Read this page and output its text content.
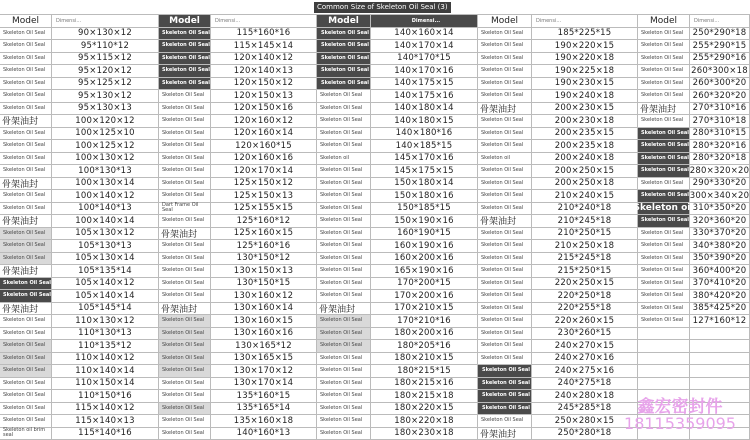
Common Size of Skeleton Oil Seal (3)
Model	Dimensi...	Model	Dimensi...	Model	Dimensi...	Model	Dimensi...	Model	Dimensi...
Skeleton Oil Seal	90×130×12	Skeleton Oil Seal	115*160*16	Skeleton Oil Seal	140×160×14	Skeleton Oil Seal	185*225*15	Skeleton Oil Seal	250*290*18
Skeleton Oil Seal	95*110*12	Skeleton Oil Seal	115×145×14	Skeleton Oil Seal	140×170×14	Skeleton Oil Seal	190×220×15	Skeleton Oil Seal	255*290*15
Skeleton Oil Seal	95×115×12	Skeleton Oil Seal	120×140×12	Skeleton Oil Seal	140*170*15	Skeleton Oil Seal	190×220×18	Skeleton Oil Seal	255*290*16
Skeleton Oil Seal	95×120×12	Skeleton Oil Seal	120×140×13	Skeleton Oil Seal	140×170×16	Skeleton Oil Seal	190×225×18	Skeleton Oil Seal 260*300×18
Skeleton Oil Seal	95×125×12	Skeleton Oil Seal	120×150×12	Skeleton Oil Seal	140×175×15	Skeleton Oil Seal	190×230×15	Skeleton Oil Seal	260*300*20
Skeleton Oil Seal	95×130×12	Skeleton Oil Seal	120×150×13	Skeleton Oil Seal	140×175×16	Skeleton Oil Seal	190×240×18	Skeleton Oil Seal	260*320*20
Skeleton Oil Seal	95×130×13	Skeleton Oil Seal	120×150×16	Skeleton Oil Seal	140×180×14	骨架油封	200×230×15	骨架油封	270*310*16
骨架油封	100×120×12	Skeleton Oil Seal	120×160×12	Skeleton Oil Seal	140×180×15	Skeleton Oil Seal	200×230×18	Skeleton Oil Seal	270*310*18
Skeleton Oil Seal	100×125×10	Skeleton Oil Seal	120×160×14	Skeleton Oil Seal	140×180*16	Skeleton Oil Seal	200×235×15	Skeleton Oil Seal 280*310*15
Skeleton Oil Seal	100×125×12	Skeleton Oil Seal	120×160*15	Skeleton Oil Seal	140×185*15	Skeleton Oil Seal	200×235×18	Skeleton Oil Seal 280*320*16
Skeleton Oil Seal	100×130×12	Skeleton Oil Seal	120×160×16	Skeleton oil	145×170×16	Skeleton oil	200×240×18	Skeleton Oil Seal 280*320*18
Skeleton Oil Seal	100*130*13	Skeleton Oil Seal	120×170×14	Skeleton Oil Seal	145×175×15	Skeleton Oil Seal	200×250×15	Skeleton Oil Seal 280×320×20
骨架油封	100×130×14	Skeleton Oil Seal	125×150×12	Skeleton Oil Seal	150×180×14	Skeleton Oil Seal	200×250×18	Skeleton Oil Seal	290*330*20
Skeleton Oil Seal	100×140×12	Skeleton Oil Seal	125×150×13	Skeleton Oil Seal	150×180×16	Skeleton Oil Seal	210×240×15	Skeleton Oil Seal 300×340×20
Skeleton Oil Seal	100*140*13	Dart Frame Oil Seal	125×155×15	Skeleton Oil Seal	150*185*15	Skeleton Oil Seal	210*240*18	Skeleton oil 310*350*20
骨架油封	100×140×14	Skeleton Oil Seal	125*160*12	Skeleton Oil Seal	150×190×16	骨架油封	210*245*18	Skeleton Oil Seal 320*360*20
Skeleton Oil Seal	105×130×12	骨架油封	125×160×15	Skeleton Oil Seal	160*190*15	Skeleton Oil Seal	210*250*15	Skeleton Oil Seal	330*370*20
Skeleton Oil Seal	105*130*13	Skeleton Oil Seal	125*160*16	Skeleton Oil Seal	160×190×16	Skeleton Oil Seal	210×250×18	Skeleton Oil Seal	340*380*20
Skeleton Oil Seal	105×130×14	Skeleton Oil Seal	130*150*12	Skeleton Oil Seal	160×200×16	Skeleton Oil Seal	215*245*18	Skeleton Oil Seal	350*390*20
骨架油封	105*135*14	Skeleton Oil Seal	130×150×13	Skeleton Oil Seal	165×190×16	Skeleton Oil Seal	215*250*15	Skeleton Oil Seal	360*400*20
Skeleton Oil Seal	105×140×12	Skeleton Oil Seal	130*150*15	Skeleton Oil Seal	170*200*15	Skeleton Oil Seal	220×250×15	Skeleton Oil Seal	370*410*20
Skeleton Oil Seal	105×140×14	Skeleton Oil Seal	130×160×12	Skeleton Oil Seal	170×200×16	Skeleton Oil Seal	220*250*18	Skeleton Oil Seal	380*420*20
骨架油封	105*145*14	骨架油封	130×160×14	骨架油封	170×210×15	Skeleton Oil Seal	220*255*18	Skeleton Oil Seal	385*425*20
Skeleton Oil Seal	110×130×12	Skeleton Oil Seal	130×160×15	Skeleton Oil Seal	170*210*16	Skeleton Oil Seal	220×260×15	Skeleton Oil Seal	127*160*12
Skeleton Oil Seal	110*130*13	Skeleton Oil Seal	130×160×16	Skeleton Oil Seal	180×200×16	Skeleton Oil Seal	230*260*15
Skeleton Oil Seal	110*135*12	Skeleton Oil Seal	130×165*12	Skeleton Oil Seal	180*205*16	Skeleton Oil Seal	240×270×15
Skeleton Oil Seal	110×140×12	Skeleton Oil Seal	130×165×15	Skeleton Oil Seal	180×210×15	Skeleton Oil Seal	240×270×16
Skeleton Oil Seal	110×140×14	Skeleton Oil Seal	130×170×12	Skeleton Oil Seal	180*215*15	Skeleton Oil Seal	240×275×16
Skeleton Oil Seal	110×150×14	Skeleton Oil Seal	130×170×14	Skeleton Oil Seal	180×215×16	Skeleton Oil Seal	240*275*18
Skeleton Oil Seal	110*150*16	Skeleton Oil Seal	135*160*15	Skeleton Oil Seal	180×215×18	Skeleton Oil Seal	240×280×18
Skeleton Oil Seal	115×140×12	Skeleton Oil Seal	135*165*14	Skeleton Oil Seal	180×220×15	Skeleton Oil Seal	245*285*18
Skeleton Oil Seal	115×140×13	Skeleton Oil Seal	135×160×18	Skeleton Oil Seal	180×220×18	Skeleton Oil Seal	250×280×15
Skeleton oil brim seal	115*140*16	Skeleton Oil Seal	140*160*13	Skeleton Oil Seal	180×230×18	骨架油封	250*280*18
鑫宏密封件
18115359095
